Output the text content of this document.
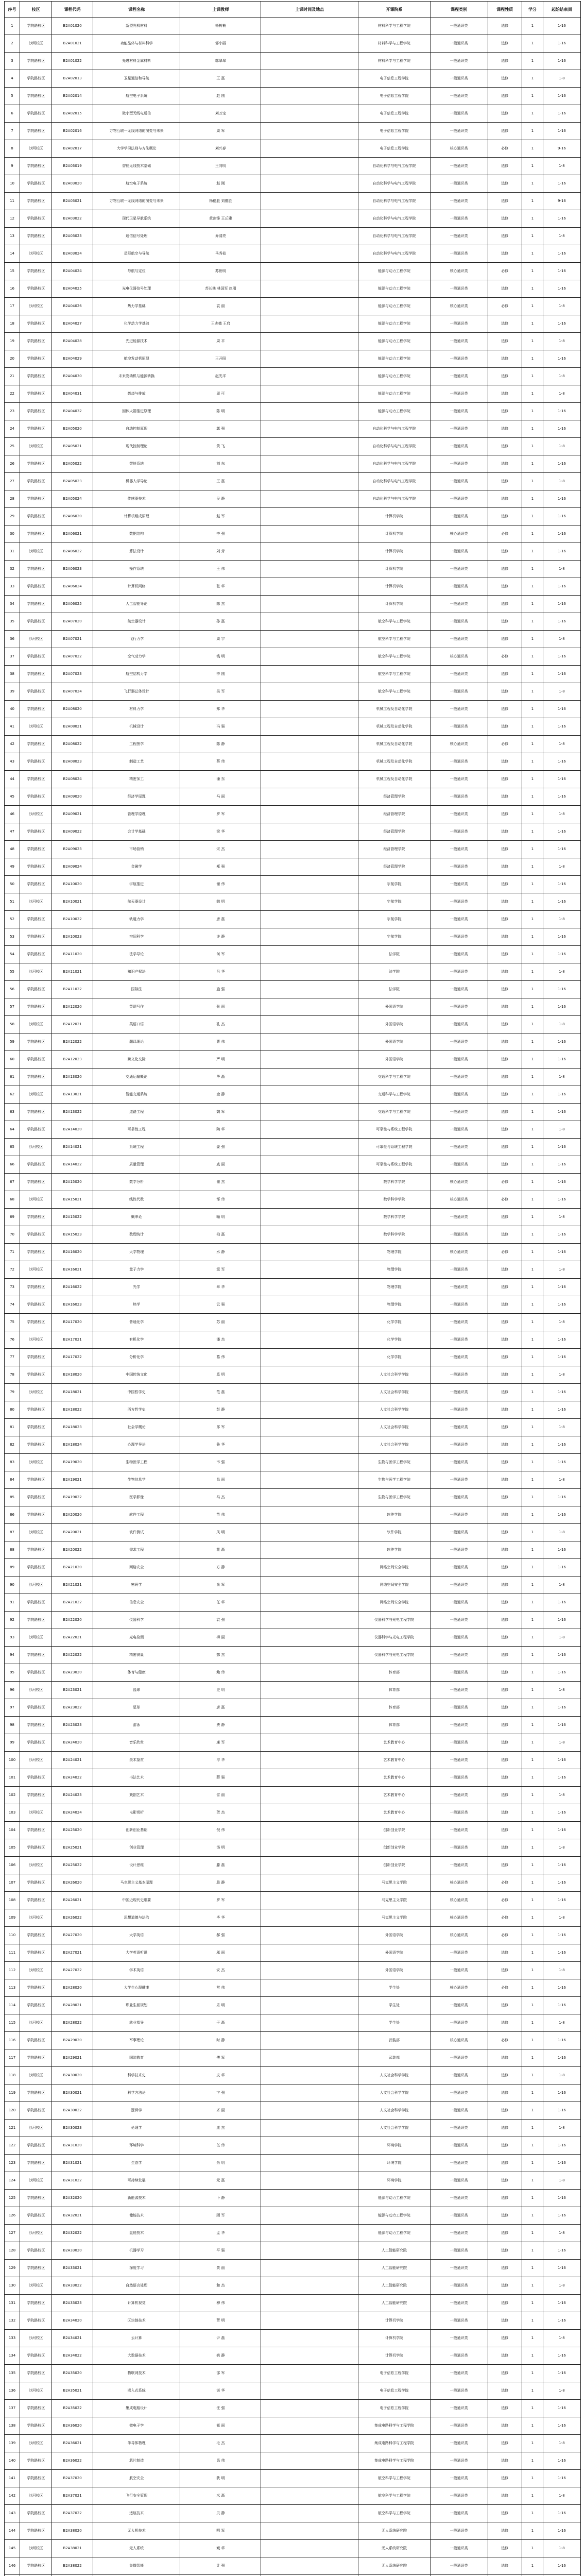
序号	校区	课程代码	课程名称	上课教师	上课时间及地点	开课院系	课程类别	课程性质	学分	起始结束周
1	学院路校区	B2A01020	新型光机材料	杨树楠		材料科学与工程学院	一般通识类	选修	1	1-16
2	沙河校区	B2A01021	功能晶体与材料科学	郭小丽		材料科学与工程学院	一般通识类	选修	1	1-16
3	学院路校区	B2A01022	先进材料金属材料	郭翠翠		材料科学与工程学院	一般通识类	选修	1	1-16
4	学院路校区	B2A02013	卫星通信和导航	王 磊		电子信息工程学院	一般通识类	选修	1	1-8
5	学院路校区	B2A02014	航空电子系统	赵 刚		电子信息工程学院	一般通识类	选修	1	1-16
6	学院路校区	B2A02015	微小型无线电通信	刘万宝		电子信息工程学院	一般通识类	选修	1	1-16
7	学院路校区	B2A02016	万物互联一无线网络的演变与未来	周 军		电子信息工程学院	一般通识类	选修	1	1-16
8	沙河校区	B2A02017	大学学习法则与方法概论	刘兴春		电子信息工程学院	核心通识类	必修	1	9-16
9	学院路校区	B2A03019	智能无线技术基础	王同明		自动化科学与电气工程学院	一般通识类	选修	1	1-8
10	学院路校区	B2A03020	航空电子系统	赵 刚		自动化科学与电气工程学院	一般通识类	选修	1	1-16
11	学院路校区	B2A03021	万物互联一无线网络的演变与未来	杨德胜 刘德胜		自动化科学与电气工程学院	一般通识类	选修	1	9-16
12	学院路校区	B2A03022	现代卫星导航系统	黄剑锋 王丘建		自动化科学与电气工程学院	一般通识类	选修	1	1-16
13	学院路校区	B2A03023	通信信号处理	乔清亮		自动化科学与电气工程学院	一般通识类	选修	1	1-8
14	沙河校区	B2A03024	星际航空与导航	马秀茹		自动化科学与电气工程学院	一般通识类	选修	1	1-16
15	学院路校区	B2A04024	导航与定位	苏世明		能源与动力工程学院	核心通识类	必修	1	1-16
16	学院路校区	B2A04025	光电仪器信号处理	苏长林 林国军 赵刚		能源与动力工程学院	一般通识类	选修	1	1-16
17	沙河校区	B2A04026	热力学基础	袁 丽		能源与动力工程学院	核心通识类	必修	1	1-8
18	学院路校区	B2A04027	化学动力学基础	王志德 王启		能源与动力工程学院	一般通识类	选修	1	1-16
19	学院路校区	B2A04028	先进能源技术	周 平		能源与动力工程学院	一般通识类	选修	1	1-8
20	学院路校区	B2A04029	航空发动机原理	王开阳		能源与动力工程学院	一般通识类	选修	1	1-16
21	学院路校区	B2A04030	未来发动机与能源转换	赵光平		能源与动力工程学院	一般通识类	选修	1	1-8
22	学院路校区	B2A04031	燃烧与排放	周 可		能源与动力工程学院	一般通识类	选修	1	1-8
23	学院路校区	B2A04032	固体火箭推进原理	陈 明		能源与动力工程学院	一般通识类	选修	1	1-16
24	学院路校区	B2A05020	自动控制原理	郭 强		自动化科学与电气工程学院	一般通识类	选修	1	1-16
25	沙河校区	B2A05021	现代控制理论	黄 飞		自动化科学与电气工程学院	一般通识类	选修	1	1-8
26	学院路校区	B2A05022	智能系统	刘 东		自动化科学与电气工程学院	一般通识类	选修	1	1-16
27	学院路校区	B2A05023	机器人学导论	王 磊		自动化科学与电气工程学院	一般通识类	选修	1	1-8
28	学院路校区	B2A05024	传感器技术	吴 静		自动化科学与电气工程学院	一般通识类	选修	1	1-16
29	学院路校区	B2A06020	计算机组成原理	赵 军		计算机学院	一般通识类	选修	1	1-16
30	学院路校区	B2A06021	数据结构	李 强		计算机学院	核心通识类	必修	1	1-16
31	沙河校区	B2A06022	算法设计	刘 芳		计算机学院	一般通识类	选修	1	1-16
32	学院路校区	B2A06023	操作系统	王 伟		计算机学院	一般通识类	选修	1	1-8
33	学院路校区	B2A06024	计算机网络	张 华		计算机学院	一般通识类	选修	1	1-16
34	学院路校区	B2A06025	人工智能导论	陈 杰		计算机学院	一般通识类	选修	1	1-16
35	学院路校区	B2A07020	航空器设计	孙 磊		航空科学与工程学院	一般通识类	选修	1	1-16
36	沙河校区	B2A07021	飞行力学	周 宇		航空科学与工程学院	一般通识类	选修	1	1-8
37	学院路校区	B2A07022	空气动力学	钱 明		航空科学与工程学院	核心通识类	必修	1	1-16
38	学院路校区	B2A07023	航空结构力学	李 刚		航空科学与工程学院	一般通识类	选修	1	1-16
39	学院路校区	B2A07024	飞行器总体设计	吴 军		航空科学与工程学院	一般通识类	选修	1	1-8
40	学院路校区	B2A08020	材料力学	郑 华		机械工程及自动化学院	一般通识类	选修	1	1-16
41	沙河校区	B2A08021	机械设计	冯 强		机械工程及自动化学院	一般通识类	选修	1	1-16
42	学院路校区	B2A08022	工程图学	陈 静		机械工程及自动化学院	核心通识类	必修	1	1-8
43	学院路校区	B2A08023	制造工艺	蔡 伟		机械工程及自动化学院	一般通识类	选修	1	1-16
44	学院路校区	B2A08024	精密加工	潘 东		机械工程及自动化学院	一般通识类	选修	1	1-16
45	学院路校区	B2A09020	经济学原理	马 丽		经济管理学院	一般通识类	选修	1	1-16
46	沙河校区	B2A09021	管理学原理	罗 军		经济管理学院	一般通识类	选修	1	1-8
47	学院路校区	B2A09022	会计学基础	梁 华		经济管理学院	一般通识类	选修	1	1-16
48	学院路校区	B2A09023	市场营销	宋 杰		经济管理学院	一般通识类	选修	1	1-16
49	学院路校区	B2A09024	金融学	郑 强		经济管理学院	一般通识类	选修	1	1-8
50	学院路校区	B2A10020	宇航推进	谢 伟		宇航学院	一般通识类	选修	1	1-16
51	沙河校区	B2A10021	航天器设计	韩 明		宇航学院	一般通识类	选修	1	1-16
52	学院路校区	B2A10022	轨道力学	唐 磊		宇航学院	一般通识类	选修	1	1-8
53	学院路校区	B2A10023	空间科学	许 静		宇航学院	一般通识类	选修	1	1-16
54	学院路校区	B2A11020	法学导论	何 军		法学院	一般通识类	选修	1	1-16
55	沙河校区	B2A11021	知识产权法	吕 华		法学院	一般通识类	选修	1	1-8
56	学院路校区	B2A11022	国际法	施 强		法学院	一般通识类	选修	1	1-16
57	学院路校区	B2A12020	英语写作	张 丽		外国语学院	一般通识类	选修	1	1-16
58	沙河校区	B2A12021	英语口语	孔 杰		外国语学院	一般通识类	选修	1	1-8
59	学院路校区	B2A12022	翻译理论	曹 伟		外国语学院	一般通识类	选修	1	1-16
60	学院路校区	B2A12023	跨文化交际	严 明		外国语学院	一般通识类	选修	1	1-16
61	学院路校区	B2A13020	交通运输概论	华 磊		交通科学与工程学院	一般通识类	选修	1	1-8
62	沙河校区	B2A13021	智能交通系统	金 静		交通科学与工程学院	一般通识类	选修	1	1-16
63	学院路校区	B2A13022	道路工程	魏 军		交通科学与工程学院	一般通识类	选修	1	1-16
64	学院路校区	B2A14020	可靠性工程	陶 华		可靠性与系统工程学院	一般通识类	选修	1	1-8
65	沙河校区	B2A14021	系统工程	姜 强		可靠性与系统工程学院	一般通识类	选修	1	1-16
66	学院路校区	B2A14022	质量管理	戚 丽		可靠性与系统工程学院	一般通识类	选修	1	1-16
67	学院路校区	B2A15020	数学分析	谢 杰		数学科学学院	核心通识类	必修	1	1-16
68	沙河校区	B2A15021	线性代数	邹 伟		数学科学学院	核心通识类	必修	1	1-16
69	学院路校区	B2A15022	概率论	喻 明		数学科学学院	一般通识类	选修	1	1-8
70	学院路校区	B2A15023	数理统计	柏 磊		数学科学学院	一般通识类	选修	1	1-16
71	学院路校区	B2A16020	大学物理	水 静		物理学院	核心通识类	必修	1	1-16
72	沙河校区	B2A16021	量子力学	窦 军		物理学院	一般通识类	选修	1	1-8
73	学院路校区	B2A16022	光学	章 华		物理学院	一般通识类	选修	1	1-16
74	学院路校区	B2A16023	热学	云 强		物理学院	一般通识类	选修	1	1-16
75	学院路校区	B2A17020	普通化学	苏 丽		化学学院	一般通识类	选修	1	1-8
76	沙河校区	B2A17021	有机化学	潘 杰		化学学院	一般通识类	选修	1	1-16
77	学院路校区	B2A17022	分析化学	葛 伟		化学学院	一般通识类	选修	1	1-16
78	学院路校区	B2A18020	中国传统文化	奚 明		人文社会科学学院	一般通识类	选修	1	1-8
79	沙河校区	B2A18021	中国哲学史	范 磊		人文社会科学学院	一般通识类	选修	1	1-16
80	学院路校区	B2A18022	西方哲学史	彭 静		人文社会科学学院	一般通识类	选修	1	1-16
81	学院路校区	B2A18023	社会学概论	郎 军		人文社会科学学院	一般通识类	选修	1	1-8
82	学院路校区	B2A18024	心理学导论	鲁 华		人文社会科学学院	一般通识类	选修	1	1-16
83	沙河校区	B2A19020	生物医学工程	韦 强		生物与医学工程学院	一般通识类	选修	1	1-16
84	学院路校区	B2A19021	生物信息学	昌 丽		生物与医学工程学院	一般通识类	选修	1	1-8
85	学院路校区	B2A19022	医学影像	马 杰		生物与医学工程学院	一般通识类	选修	1	1-16
86	学院路校区	B2A20020	软件工程	苗 伟		软件学院	一般通识类	选修	1	1-16
87	沙河校区	B2A20021	软件测试	凤 明		软件学院	一般通识类	选修	1	1-8
88	学院路校区	B2A20022	需求工程	花 磊		软件学院	一般通识类	选修	1	1-16
89	学院路校区	B2A21020	网络安全	方 静		网络空间安全学院	一般通识类	选修	1	1-16
90	沙河校区	B2A21021	密码学	俞 军		网络空间安全学院	一般通识类	选修	1	1-8
91	学院路校区	B2A21022	信息安全	任 华		网络空间安全学院	一般通识类	选修	1	1-16
92	学院路校区	B2A22020	仪器科学	袁 强		仪器科学与光电工程学院	一般通识类	选修	1	1-16
93	沙河校区	B2A22021	光电检测	柳 丽		仪器科学与光电工程学院	一般通识类	选修	1	1-8
94	学院路校区	B2A22022	精密测量	酆 杰		仪器科学与光电工程学院	一般通识类	选修	1	1-16
95	学院路校区	B2A23020	体育与健康	鲍 伟		体育部	一般通识类	选修	1	1-16
96	沙河校区	B2A23021	篮球	史 明		体育部	一般通识类	选修	1	1-8
97	学院路校区	B2A23022	足球	唐 磊		体育部	一般通识类	选修	1	1-16
98	学院路校区	B2A23023	游泳	费 静		体育部	一般通识类	选修	1	1-16
99	学院路校区	B2A24020	音乐欣赏	廉 军		艺术教育中心	一般通识类	选修	1	1-8
100	沙河校区	B2A24021	美术鉴赏	岑 华		艺术教育中心	一般通识类	选修	1	1-16
101	学院路校区	B2A24022	书法艺术	薛 强		艺术教育中心	一般通识类	选修	1	1-16
102	学院路校区	B2A24023	戏剧艺术	雷 丽		艺术教育中心	一般通识类	选修	1	1-8
103	沙河校区	B2A24024	电影赏析	贺 杰		艺术教育中心	一般通识类	选修	1	1-16
104	学院路校区	B2A25020	创新创业基础	倪 伟		创新创业学院	一般通识类	选修	1	1-16
105	学院路校区	B2A25021	创业管理	汤 明		创新创业学院	一般通识类	选修	1	1-8
106	沙河校区	B2A25022	设计思维	滕 磊		创新创业学院	一般通识类	选修	1	1-16
107	学院路校区	B2A26020	马克思主义基本原理	殷 静		马克思主义学院	核心通识类	必修	1	1-16
108	学院路校区	B2A26021	中国近现代史纲要	罗 军		马克思主义学院	核心通识类	必修	1	1-16
109	沙河校区	B2A26022	思想道德与法治	毕 华		马克思主义学院	核心通识类	必修	1	1-8
110	学院路校区	B2A27020	大学英语	郝 强		外国语学院	核心通识类	必修	1	1-16
111	学院路校区	B2A27021	大学英语听说	邬 丽		外国语学院	一般通识类	选修	1	1-16
112	沙河校区	B2A27022	学术英语	安 杰		外国语学院	一般通识类	选修	1	1-8
113	学院路校区	B2A28020	大学生心理健康	常 伟		学生处	核心通识类	必修	1	1-16
114	学院路校区	B2A28021	职业生涯规划	乐 明		学生处	一般通识类	选修	1	1-16
115	沙河校区	B2A28022	就业指导	于 磊		学生处	一般通识类	选修	1	1-8
116	学院路校区	B2A29020	军事理论	时 静		武装部	核心通识类	必修	1	1-16
117	学院路校区	B2A29021	国防教育	傅 军		武装部	一般通识类	选修	1	1-16
118	沙河校区	B2A30020	科学技术史	皮 华		人文社会科学学院	一般通识类	选修	1	1-8
119	学院路校区	B2A30021	科学方法论	卞 强		人文社会科学学院	一般通识类	选修	1	1-16
120	学院路校区	B2A30022	逻辑学	齐 丽		人文社会科学学院	一般通识类	选修	1	1-16
121	沙河校区	B2A30023	伦理学	康 杰		人文社会科学学院	一般通识类	选修	1	1-8
122	学院路校区	B2A31020	环境科学	伍 伟		环境学院	一般通识类	选修	1	1-16
123	学院路校区	B2A31021	生态学	余 明		环境学院	一般通识类	选修	1	1-16
124	沙河校区	B2A31022	可持续发展	元 磊		环境学院	一般通识类	选修	1	1-8
125	学院路校区	B2A32020	新能源技术	卜 静		能源与动力工程学院	一般通识类	选修	1	1-16
126	学院路校区	B2A32021	储能技术	顾 军		能源与动力工程学院	一般通识类	选修	1	1-16
127	沙河校区	B2A32022	氢能技术	孟 华		能源与动力工程学院	一般通识类	选修	1	1-8
128	学院路校区	B2A33020	机器学习	平 强		人工智能研究院	一般通识类	选修	1	1-16
129	学院路校区	B2A33021	深度学习	黄 丽		人工智能研究院	一般通识类	选修	1	1-16
130	沙河校区	B2A33022	自然语言处理	和 杰		人工智能研究院	一般通识类	选修	1	1-8
131	学院路校区	B2A33023	计算机视觉	穆 伟		人工智能研究院	一般通识类	选修	1	1-16
132	学院路校区	B2A34020	区块链技术	萧 明		计算机学院	一般通识类	选修	1	1-16
133	沙河校区	B2A34021	云计算	尹 磊		计算机学院	一般通识类	选修	1	1-8
134	学院路校区	B2A34022	大数据技术	姚 静		计算机学院	一般通识类	选修	1	1-16
135	学院路校区	B2A35020	物联网技术	邵 军		电子信息工程学院	一般通识类	选修	1	1-16
136	沙河校区	B2A35021	嵌入式系统	湛 华		电子信息工程学院	一般通识类	选修	1	1-8
137	学院路校区	B2A35022	集成电路设计	汪 强		电子信息工程学院	一般通识类	选修	1	1-16
138	学院路校区	B2A36020	微电子学	祁 丽		集成电路科学与工程学院	一般通识类	选修	1	1-16
139	沙河校区	B2A36021	半导体物理	毛 杰		集成电路科学与工程学院	一般通识类	选修	1	1-8
140	学院路校区	B2A36022	芯片制造	禹 伟		集成电路科学与工程学院	一般通识类	选修	1	1-16
141	学院路校区	B2A37020	航空安全	狄 明		航空科学与工程学院	一般通识类	选修	1	1-16
142	沙河校区	B2A37021	飞行安全管理	米 磊		航空科学与工程学院	一般通识类	选修	1	1-8
143	学院路校区	B2A37022	适航技术	贝 静		航空科学与工程学院	一般通识类	选修	1	1-16
144	学院路校区	B2A38020	无人机技术	明 军		无人系统研究院	一般通识类	选修	1	1-16
145	沙河校区	B2A38021	无人系统	臧 华		无人系统研究院	一般通识类	选修	1	1-8
146	学院路校区	B2A38022	集群智能	计 强		无人系统研究院	一般通识类	选修	1	1-16
